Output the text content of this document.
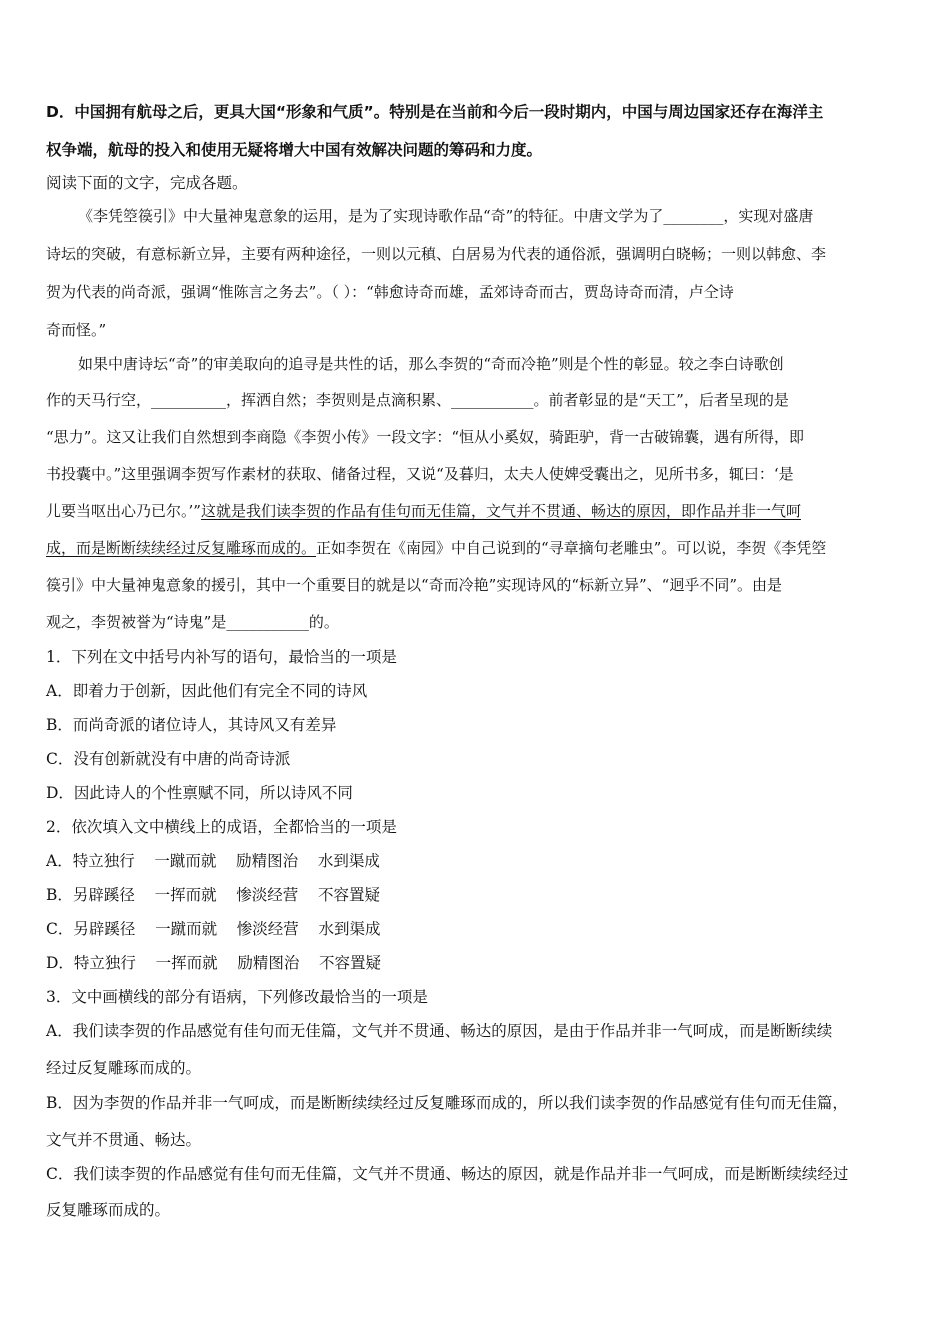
D．中国拥有航母之后，更具大国“形象和气质”。特别是在当前和今后一段时期内，中国与周边国家还存在海洋主
权争端，航母的投入和使用无疑将增大中国有效解决问题的筹码和力度。
阅读下面的文字，完成各题。
《李凭箜篌引》中大量神鬼意象的运用，是为了实现诗歌作品“奇”的特征。中唐文学为了________，实现对盛唐
诗坛的突破，有意标新立异，主要有两种途径，一则以元稹、白居易为代表的通俗派，强调明白晓畅；一则以韩愈、李
贺为代表的尚奇派，强调“惟陈言之务去”。（ ）：“韩愈诗奇而雄，孟郊诗奇而古，贾岛诗奇而清，卢仝诗
奇而怪。”
如果中唐诗坛“奇”的审美取向的追寻是共性的话，那么李贺的“奇而冷艳”则是个性的彰显。较之李白诗歌创
作的天马行空，__________，挥洒自然；李贺则是点滴积累、___________。前者彰显的是“天工”，后者呈现的是
“思力”。这又让我们自然想到李商隐《李贺小传》一段文字：“恒从小奚奴，骑距驴，背一古破锦囊，遇有所得，即
书投囊中。”这里强调李贺写作素材的获取、储备过程，又说“及暮归，太夫人使婢受囊出之，见所书多，辄曰：‘是
儿要当呕出心乃已尔。’”这就是我们读李贺的作品有佳句而无佳篇，文气并不贯通、畅达的原因，即作品并非一气呵
成，而是断断续续经过反复雕琢而成的。正如李贺在《南园》中自己说到的“寻章摘句老雕虫”。可以说，李贺《李凭箜
篌引》中大量神鬼意象的援引，其中一个重要目的就是以“奇而冷艳”实现诗风的“标新立异”、“迥乎不同”。由是
观之，李贺被誉为“诗鬼”是___________的。
1．下列在文中括号内补写的语句，最恰当的一项是
A．即着力于创新，因此他们有完全不同的诗风
B．而尚奇派的诸位诗人，其诗风又有差异
C．没有创新就没有中唐的尚奇诗派
D．因此诗人的个性禀赋不同，所以诗风不同
2．依次填入文中横线上的成语，全都恰当的一项是
A．特立独行    一蹴而就    励精图治    水到渠成
B．另辟蹊径    一挥而就    惨淡经营    不容置疑
C．另辟蹊径    一蹴而就    惨淡经营    水到渠成
D．特立独行    一挥而就    励精图治    不容置疑
3．文中画横线的部分有语病，下列修改最恰当的一项是
A．我们读李贺的作品感觉有佳句而无佳篇，文气并不贯通、畅达的原因，是由于作品并非一气呵成，而是断断续续
经过反复雕琢而成的。
B．因为李贺的作品并非一气呵成，而是断断续续经过反复雕琢而成的，所以我们读李贺的作品感觉有佳句而无佳篇，
文气并不贯通、畅达。
C．我们读李贺的作品感觉有佳句而无佳篇，文气并不贯通、畅达的原因，就是作品并非一气呵成，而是断断续续经过
反复雕琢而成的。
